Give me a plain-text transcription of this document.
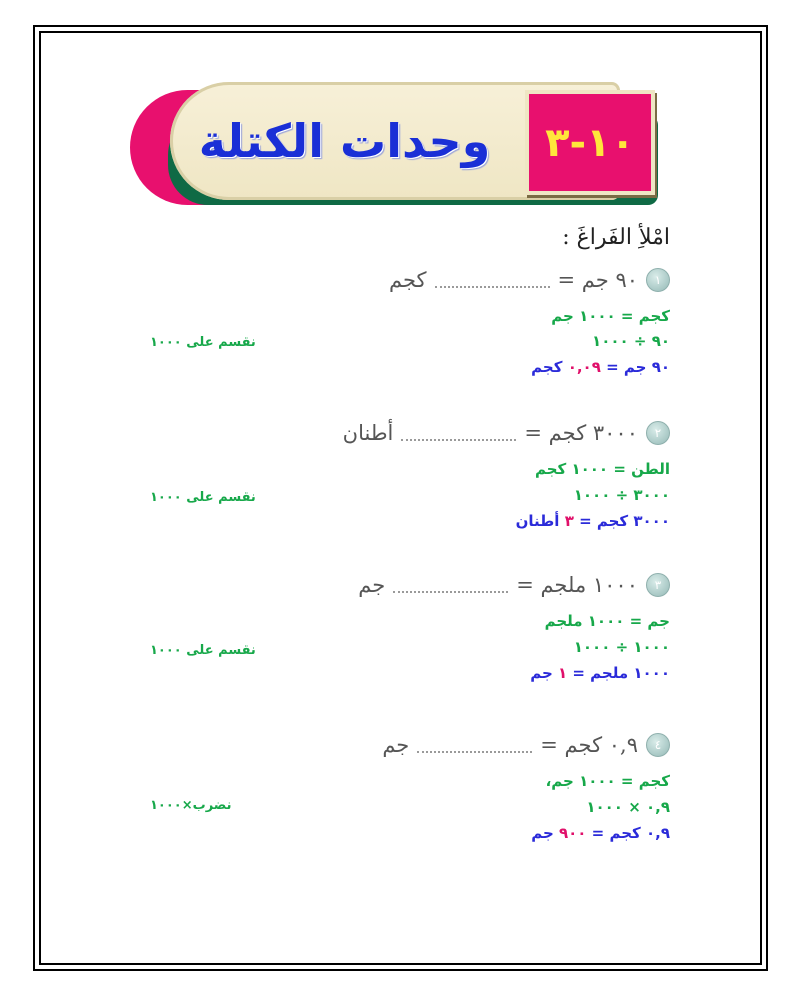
وحدات الكتلة	٣-١٠
امْلأِ الفَراغَ :
١
٩٠ جم =
كجم
كجم = ١٠٠٠ جم
٩٠ ÷ ١٠٠٠
٩٠ جم = ٠,٠٩ كجم
نقسم على ١٠٠٠
٢
٣٠٠٠ كجم =
أطنان
الطن = ١٠٠٠ كجم
٣٠٠٠ ÷ ١٠٠٠
٣٠٠٠ كجم = ٣ أطنان
نقسم على ١٠٠٠
٣
١٠٠٠ ملجم =
جم
جم = ١٠٠٠ ملجم
١٠٠٠ ÷ ١٠٠٠
١٠٠٠ ملجم = ١ جم
نقسم على ١٠٠٠
٤
٠,٩ كجم =
جم
كجم = ١٠٠٠ جم،
٠,٩ × ١٠٠٠
٠,٩ كجم = ٩٠٠ جم
نضرب×١٠٠٠
